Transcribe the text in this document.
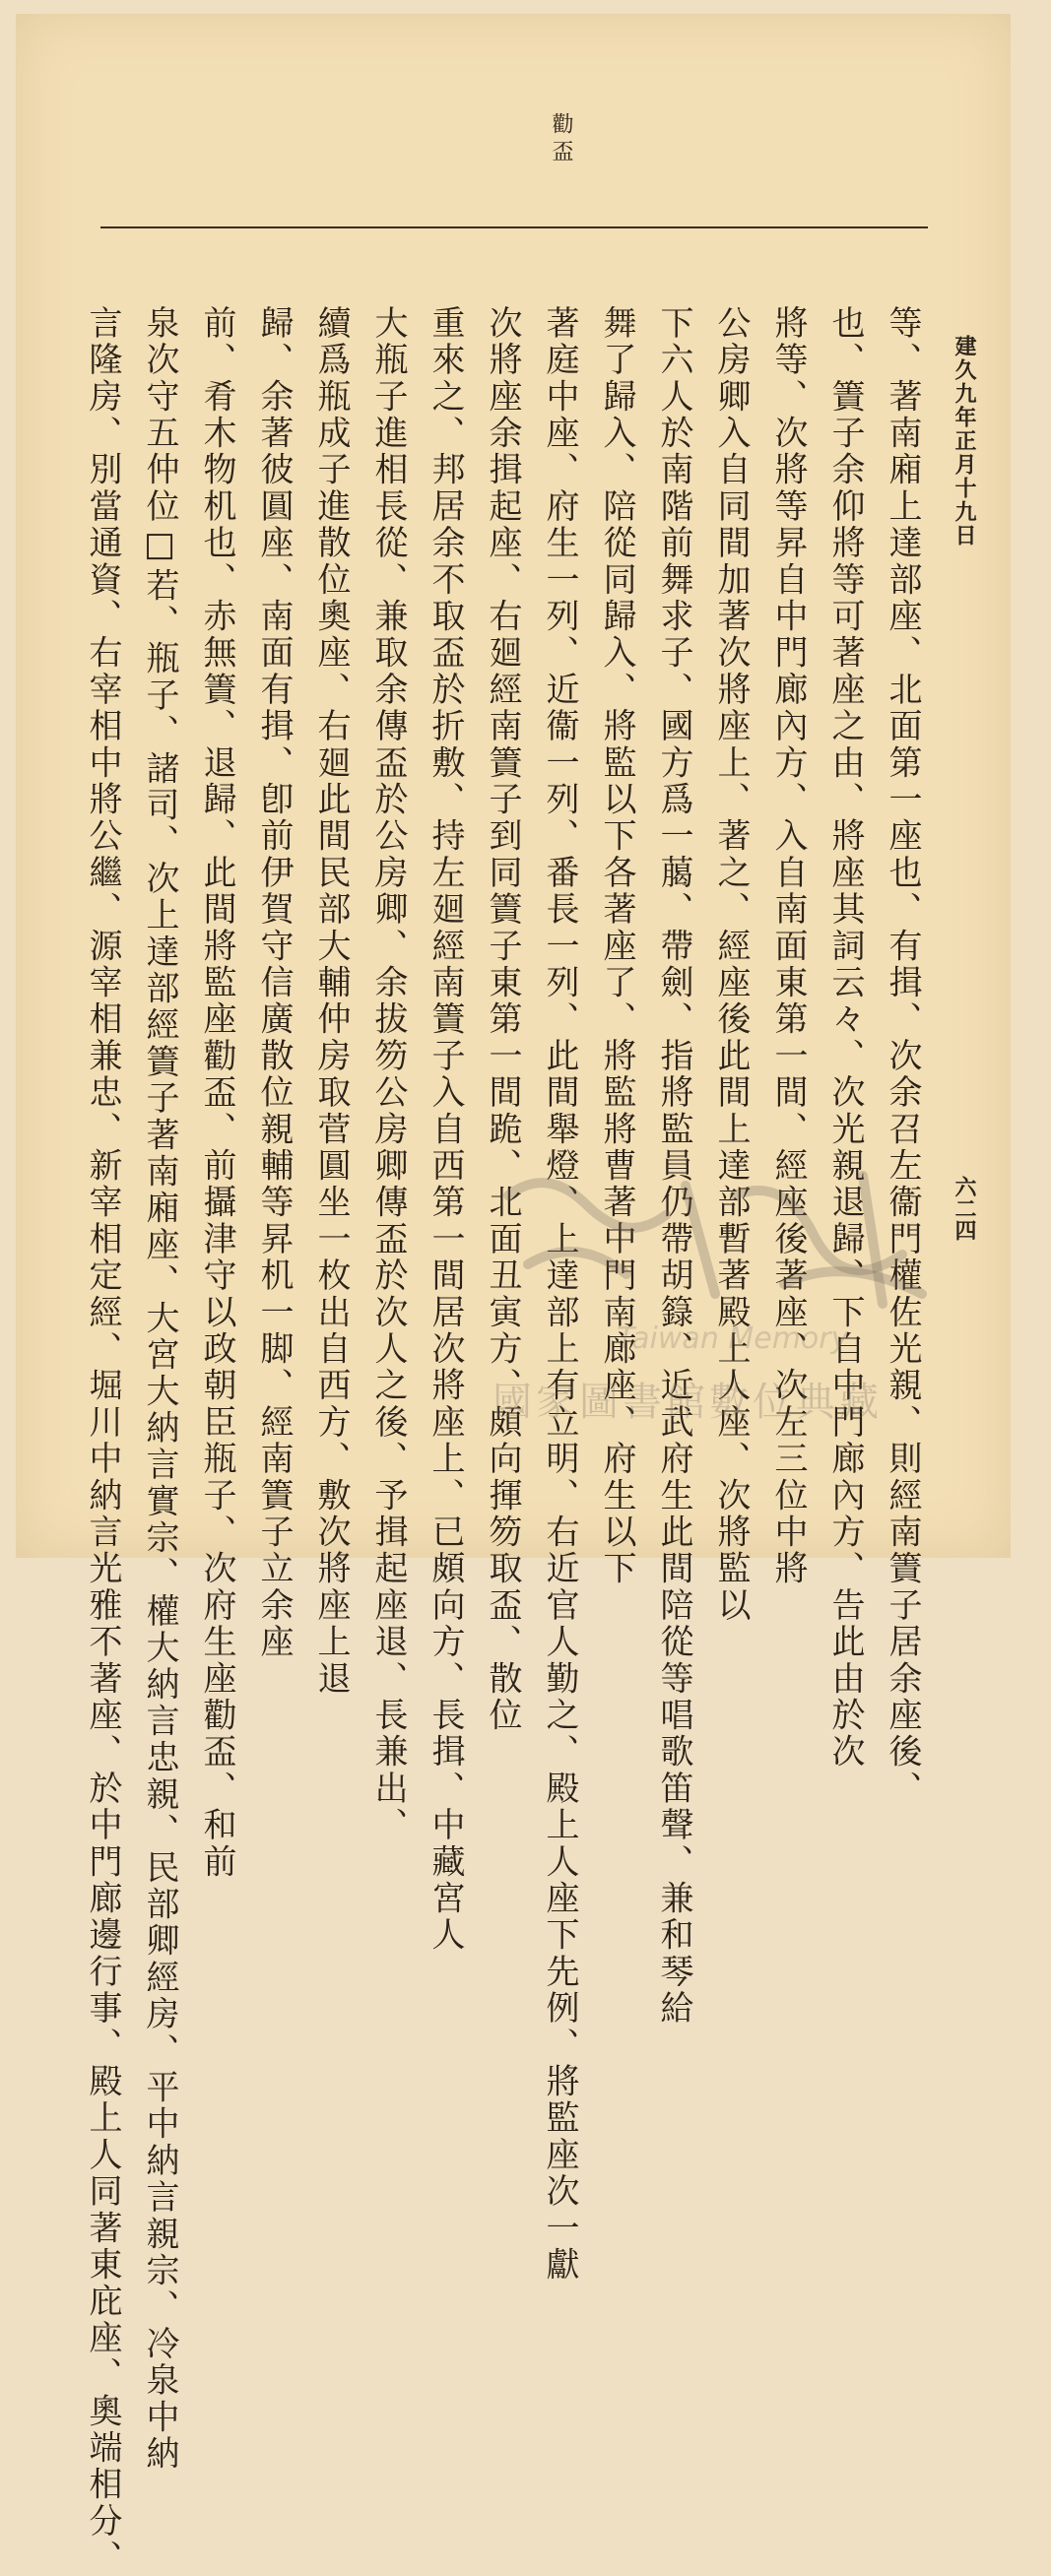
勸盃
建久九年正月十九日
六二四
等、著南廂上達部座、北面第一座也、有揖、次余召左衞門權佐光親、則經南簀子居余座後、
也、簀子余仰將等可著座之由、將座其詞云々、次光親退歸、下自中門廊內方、告此由於次
將等、次將等昇自中門廊內方、入自南面東第一間、經座後著座、次左三位中將
公房卿入自同間加著次將座上、著之、經座後此間上達部暫著殿上人座、次將監以
下六人於南階前舞求子、國方爲一﨟、帶劍、指將監員仍帶胡籙、近武府生此間陪從等唱歌笛聲、兼和琴給
舞了歸入、陪從同歸入、將監以下各著座了、將監將曹著中門南廊座、府生以下
著庭中座、府生一列、近衞一列、番長一列、此間舉燈、上達部上有立明、右近官人勤之、殿上人座下先例、將監座次一獻
次將座余揖起座、右廻經南簀子到同簀子東第一間跪、北面丑寅方、頗向揮笏取盃、散位
重來之、邦居余不取盃於折敷、持左廻經南簀子入自西第一間居次將座上、已頗向方、長揖、中藏宮人
大瓶子進相長從、兼取余傳盃於公房卿、余拔笏公房卿傳盃於次人之後、予揖起座退、長兼出、
續爲瓶成子進散位奧座、右廻此間民部大輔仲房取菅圓坐一枚出自西方、敷次將座上退
歸、余著彼圓座、南面有揖、卽前伊賀守信廣散位親輔等昇机一脚、經南簀子立余座
前、肴木物机也、赤無簀、退歸、此間將監座勸盃、前攝津守以政朝臣瓶子、次府生座勸盃、和前
泉次守五仲位□若、瓶子、諸司、次上達部經簀子著南廂座、大宮大納言實宗、權大納言忠親、民部卿經房、平中納言親宗、冷泉中納
言隆房、別當通資、右宰相中將公繼、源宰相兼忠、新宰相定經、堀川中納言光雅不著座、於中門廊邊行事、殿上人同著東庇座、奧端相分、	Taiwan Memory
國家圖書館數位典藏
